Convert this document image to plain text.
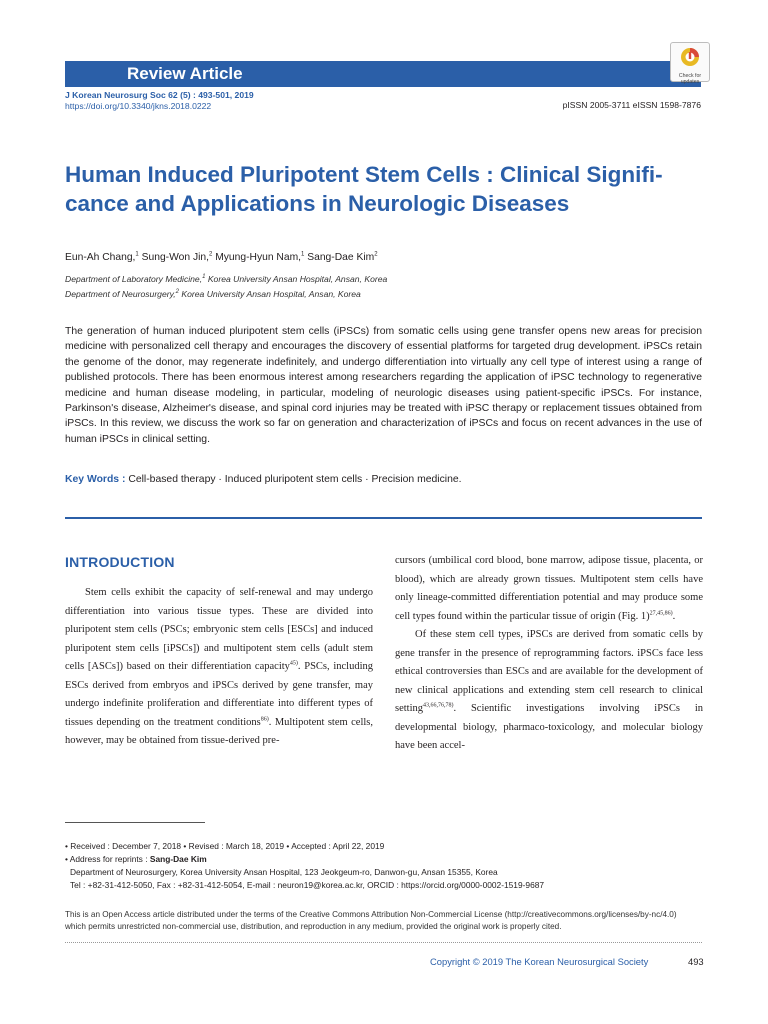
Review Article	Check for updates
J Korean Neurosurg Soc 62 (5) : 493-501, 2019
https://doi.org/10.3340/jkns.2018.0222	pISSN 2005-3711 eISSN 1598-7876
Human Induced Pluripotent Stem Cells : Clinical Signifi-
cance and Applications in Neurologic Diseases
Eun-Ah Chang,$^1$ Sung-Won Jin,$^2$ Myung-Hyun Nam,$^1$ Sang-Dae Kim$^2$
Department of Laboratory Medicine,$^1$ Korea University Ansan Hospital, Ansan, Korea
Department of Neurosurgery,$^2$ Korea University Ansan Hospital, Ansan, Korea

The generation of human induced pluripotent stem cells (iPSCs) from somatic cells using gene transfer opens new areas for precision medicine with personalized cell therapy and encourages the discovery of essential platforms for targeted drug development. iPSCs retain the genome of the donor, may regenerate indefinitely, and undergo differentiation into virtually any cell type of interest using a range of published protocols. There has been enormous interest among researchers regarding the application of iPSC technology to regenerative medicine and human disease modeling, in particular, modeling of neurologic diseases using patient-specific iPSCs. For instance, Parkinson's disease, Alzheimer's disease, and spinal cord injuries may be treated with iPSC therapy or replacement tissues obtained from iPSCs. In this review, we discuss the work so far on generation and characterization of iPSCs and focus on recent advances in the use of human iPSCs in clinical setting.

Key Words : Cell-based therapy · Induced pluripotent stem cells · Precision medicine.
INTRODUCTION

Stem cells exhibit the capacity of self-renewal and may undergo differentiation into various tissue types. These are divided into pluripotent stem cells (PSCs; embryonic stem cells [ESCs] and induced pluripotent stem cells [iPSCs]) and multipotent stem cells (adult stem cells [ASCs]) based on their differentiation capacity$^{45)}$. PSCs, including ESCs derived from embryos and iPSCs derived by gene transfer, may undergo indefinite proliferation and differentiate into different types of tissues depending on the treatment conditions$^{86)}$. Multipotent stem cells, however, may be obtained from tissue-derived pre-

cursors (umbilical cord blood, bone marrow, adipose tissue, placenta, or blood), which are already grown tissues. Multipotent stem cells have only lineage-committed differentiation potential and may produce some cell types found within the particular tissue of origin (Fig. 1)$^{27,45,86)}$.

Of these stem cell types, iPSCs are derived from somatic cells by gene transfer in the presence of reprogramming factors. iPSCs face less ethical controversies than ESCs and are available for the development of new clinical applications and extending stem cell research to clinical setting$^{43,66,76,78)}$. Scientific investigations involving iPSCs in developmental biology, pharmaco-toxicology, and molecular biology have been accel-

• Received : December 7, 2018 • Revised : March 18, 2019 • Accepted : April 22, 2019
• Address for reprints : Sang-Dae Kim
Department of Neurosurgery, Korea University Ansan Hospital, 123 Jeokgeum-ro, Danwon-gu, Ansan 15355, Korea
Tel : +82-31-412-5050, Fax : +82-31-412-5054, E-mail : neuron19@korea.ac.kr, ORCID : https://orcid.org/0000-0002-1519-9687
This is an Open Access article distributed under the terms of the Creative Commons Attribution Non-Commercial License (http://creativecommons.org/licenses/by-nc/4.0)
which permits unrestricted non-commercial use, distribution, and reproduction in any medium, provided the original work is properly cited.
Copyright © 2019 The Korean Neurosurgical Society	493
